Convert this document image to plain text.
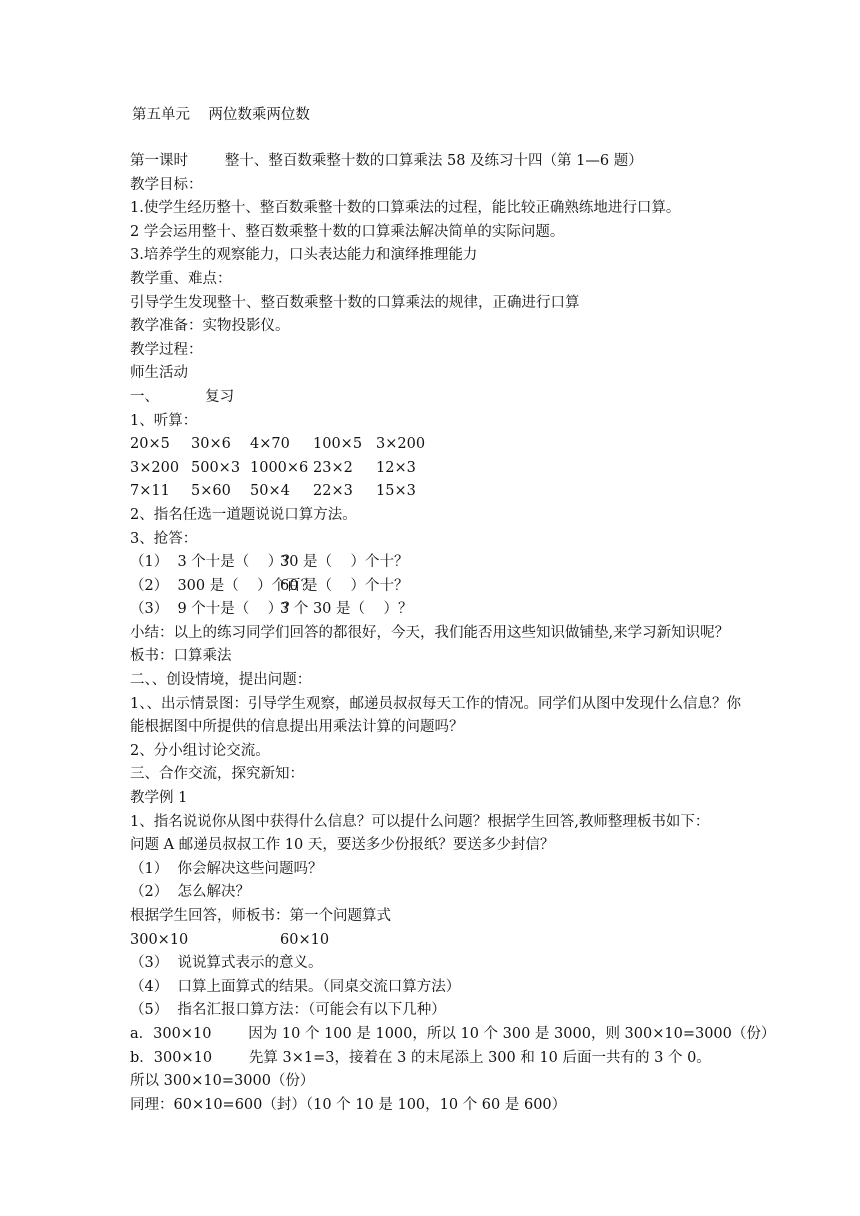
第五单元    两位数乘两位数
第一课时        整十、整百数乘整十数的口算乘法 58 及练习十四（第 1—6 题）
教学目标：
1.使学生经历整十、整百数乘整十数的口算乘法的过程，能比较正确熟练地进行口算。
2 学会运用整十、整百数乘整十数的口算乘法解决简单的实际问题。
3.培养学生的观察能力，口头表达能力和演绎推理能力
教学重、难点：
引导学生发现整十、整百数乘整十数的口算乘法的规律，正确进行口算
教学准备：实物投影仪。
教学过程：
师生活动
一、          复习
1、听算：
20×5	30×6	4×70	100×5 3×200
3×200 500×3 1000×6 23×2	12×3
7×11	5×60	50×4	22×3	15×3
2、指名任选一道题说说口算方法。
3、抢答：
（1）  3 个十是（    ）？
30 是（    ）个十？
（2）  300 是（    ）个百？
60 是（    ）个十？
（3）  9 个十是（    ）？
3 个 30 是（    ）？
小结：以上的练习同学们回答的都很好，今天，我们能否用这些知识做铺垫,来学习新知识呢？
板书：口算乘法
二、、创设情境，提出问题：
1、、出示情景图：引导学生观察，邮递员叔叔每天工作的情况。同学们从图中发现什么信息？你能根据图中所提供的信息提出用乘法计算的问题吗？
2、分小组讨论交流。
三、合作交流，探究新知：
教学例 1
1、指名说说你从图中获得什么信息？可以提什么问题？根据学生回答,教师整理板书如下：
问题 A 邮递员叔叔工作 10 天，要送多少份报纸？要送多少封信？
（1）  你会解决这些问题吗？
（2）  怎么解决？
根据学生回答，师板书：第一个问题算式
300×10	60×10
（3）  说说算式表示的意义。
（4）  口算上面算式的结果。（同桌交流口算方法）
（5）  指名汇报口算方法：（可能会有以下几种）
a．300×10        因为 10 个 100 是 1000，所以 10 个 300 是 3000，则 300×10=3000（份）
b．300×10        先算 3×1=3，接着在 3 的末尾添上 300 和 10 后面一共有的 3 个 0。
所以 300×10=3000（份）
同理：60×10=600（封）（10 个 10 是 100，10 个 60 是 600）
